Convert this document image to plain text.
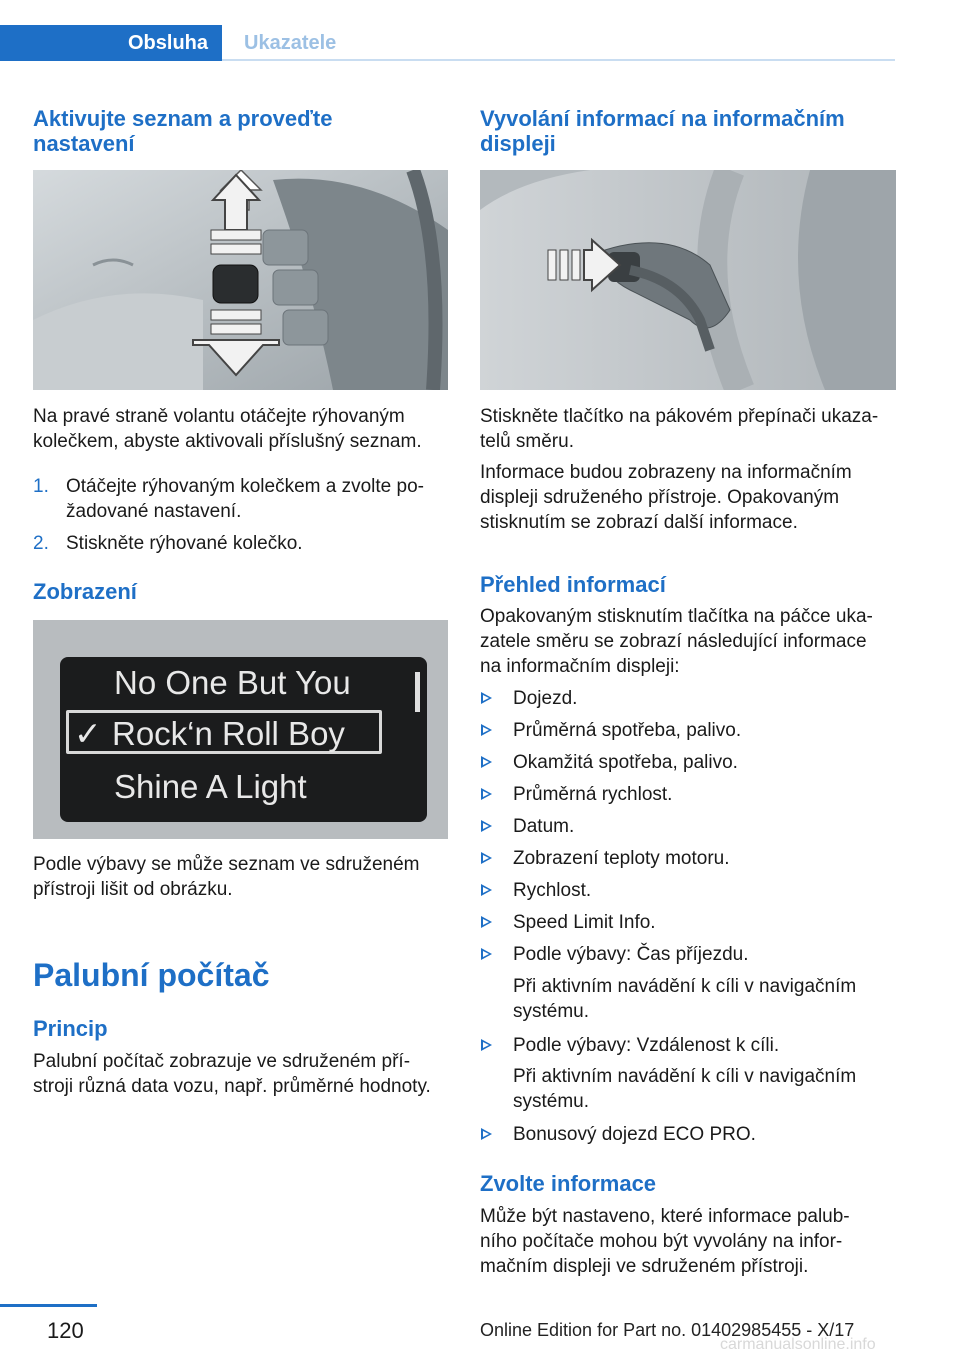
Obsluha	Ukazatele
Aktivujte seznam a proveďte
nastavení
Na pravé straně volantu otáčejte rýhovaným
kolečkem, abyste aktivovali příslušný seznam.
1. Otáčejte rýhovaným kolečkem a zvolte po-
žadované nastavení.
2. Stiskněte rýhované kolečko.
Zobrazení
No One But You
✓ Rock‘n Roll Boy
Shine A Light
Podle výbavy se může seznam ve sdruženém
přístroji lišit od obrázku.
Palubní počítač
Princip
Palubní počítač zobrazuje ve sdruženém pří-
stroji různá data vozu, např. průměrné hodnoty.
Vyvolání informací na informačním
displeji
Stiskněte tlačítko na pákovém přepínači ukaza-
telů směru.
Informace budou zobrazeny na informačním
displeji sdruženého přístroje. Opakovaným
stisknutím se zobrazí další informace.
Přehled informací
Opakovaným stisknutím tlačítka na páčce uka-
zatele směru se zobrazí následující informace
na informačním displeji:
Dojezd.
Průměrná spotřeba, palivo.
Okamžitá spotřeba, palivo.
Průměrná rychlost.
Datum.
Zobrazení teploty motoru.
Rychlost.
Speed Limit Info.
Podle výbavy: Čas příjezdu.
Při aktivním navádění k cíli v navigačním
systému.
Podle výbavy: Vzdálenost k cíli.
Při aktivním navádění k cíli v navigačním
systému.
Bonusový dojezd ECO PRO.
Zvolte informace
Může být nastaveno, které informace palub-
ního počítače mohou být vyvolány na infor-
mačním displeji ve sdruženém přístroji.
120	Online Edition for Part no. 01402985455 - X/17
carmanualsonline.info
